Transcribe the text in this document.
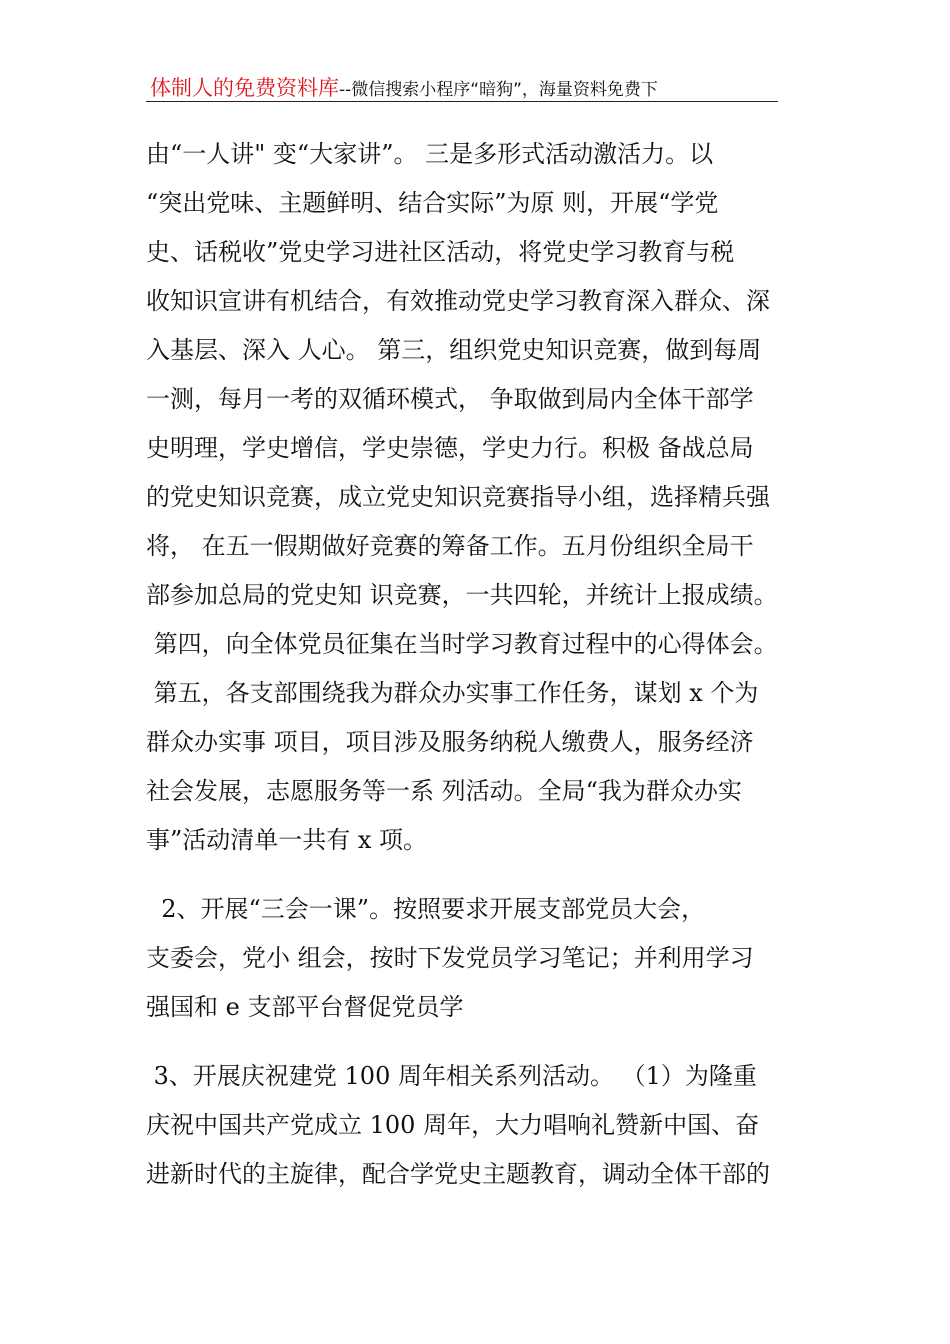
体制人的免费资料库--微信搜索小程序“暗狗”，海量资料免费下
由“一人讲" 变“大家讲”。 三是多形式活动激活力。以
“突出党味、主题鲜明、结合实际”为原 则，开展“学党
史、话税收”党史学习进社区活动，将党史学习教育与税
收知识宣讲有机结合，有效推动党史学习教育深入群众、深
入基层、深入 人心。 第三，组织党史知识竞赛，做到每周
一测，每月一考的双循环模式， 争取做到局内全体干部学
史明理，学史增信，学史崇德，学史力行。积极 备战总局
的党史知识竞赛，成立党史知识竞赛指导小组，选择精兵强
将， 在五一假期做好竞赛的筹备工作。五月份组织全局干
部参加总局的党史知 识竞赛，一共四轮，并统计上报成绩。
第四，向全体党员征集在当时学习教育过程中的心得体会。
第五，各支部围绕我为群众办实事工作任务，谋划 x 个为
群众办实事 项目，项目涉及服务纳税人缴费人，服务经济
社会发展，志愿服务等一系 列活动。全局“我为群众办实
事”活动清单一共有 x 项。
2、开展“三会一课”。按照要求开展支部党员大会，
支委会，党小 组会，按时下发党员学习笔记；并利用学习
强国和 e 支部平台督促党员学
3、开展庆祝建党 100 周年相关系列活动。 （1）为隆重
庆祝中国共产党成立 100 周年，大力唱响礼赞新中国、奋
进新时代的主旋律，配合学党史主题教育，调动全体干部的
